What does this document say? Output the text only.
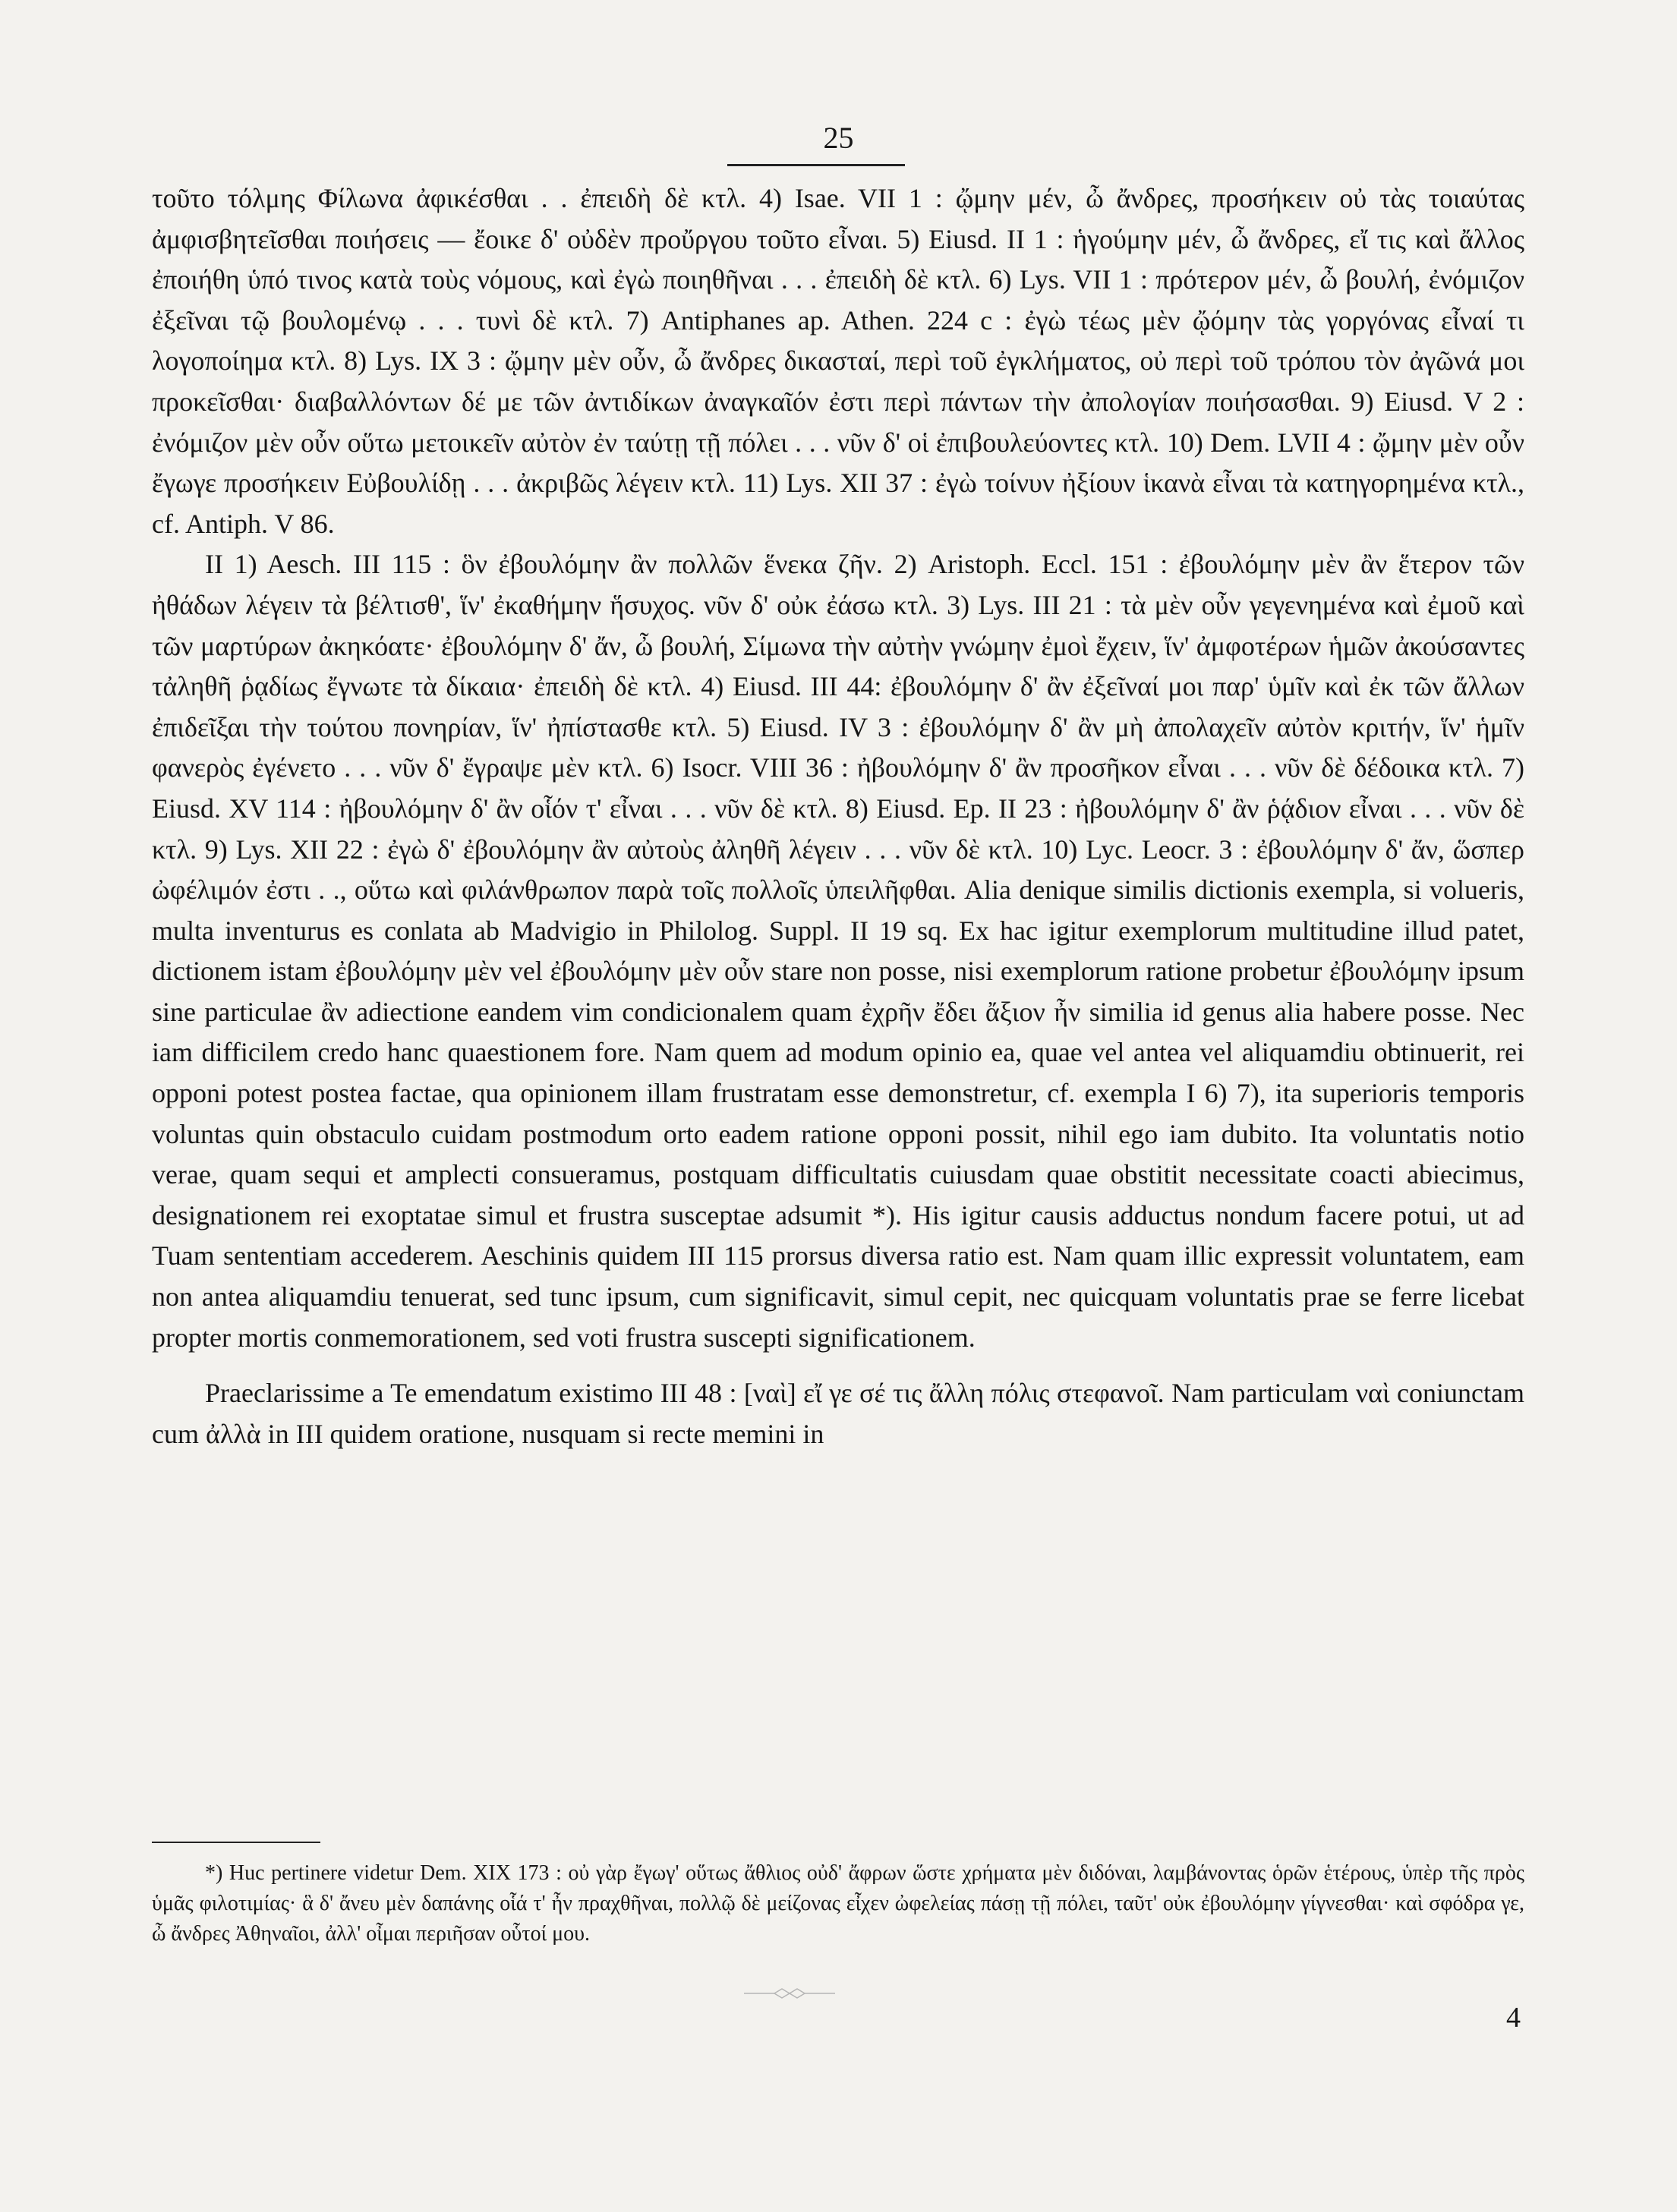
25

τοῦτο τόλμης Φίλωνα ἀφικέσθαι . . ἐπειδὴ δὲ κτλ. 4) Isae. VII 1 : ᾤμην μέν, ὦ ἄνδρες, προσήκειν οὐ τὰς τοιαύτας ἀμφισβητεῖσθαι ποιήσεις — ἔοικε δ' οὐδὲν προὔργου τοῦτο εἶναι. 5) Eiusd. II 1 : ἡγούμην μέν, ὦ ἄνδρες, εἴ τις καὶ ἄλλος ἐποιήθη ὑπό τινος κατὰ τοὺς νόμους, καὶ ἐγὼ ποιηθῆναι . . . ἐπειδὴ δὲ κτλ. 6) Lys. VII 1 : πρότερον μέν, ὦ βουλή, ἐνόμιζον ἐξεῖναι τῷ βουλομένῳ . . . τυνὶ δὲ κτλ. 7) Antiphanes ap. Athen. 224 c : ἐγὼ τέως μὲν ᾤόμην τὰς γοργόνας εἶναί τι λογοποίημα κτλ. 8) Lys. IX 3 : ᾤμην μὲν οὖν, ὦ ἄνδρες δικασταί, περὶ τοῦ ἐγκλήματος, οὐ περὶ τοῦ τρόπου τὸν ἀγῶνά μοι προκεῖσθαι· διαβαλλόντων δέ με τῶν ἀντιδίκων ἀναγκαῖόν ἐστι περὶ πάντων τὴν ἀπολογίαν ποιήσασθαι. 9) Eiusd. V 2 : ἐνόμιζον μὲν οὖν οὕτω μετοικεῖν αὐτὸν ἐν ταύτῃ τῇ πόλει . . . νῦν δ' οἱ ἐπιβουλεύοντες κτλ. 10) Dem. LVII 4 : ᾤμην μὲν οὖν ἔγωγε προσήκειν Εὐβουλίδῃ . . . ἀκριβῶς λέγειν κτλ. 11) Lys. XII 37 : ἐγὼ τοίνυν ἠξίουν ἱκανὰ εἶναι τὰ κατηγορημένα κτλ., cf. Antiph. V 86.

II 1) Aesch. III 115 : ὃν ἐβουλόμην ἂν πολλῶν ἕνεκα ζῆν. 2) Aristoph. Eccl. 151 : ἐβουλόμην μὲν ἂν ἕτερον τῶν ἠθάδων λέγειν τὰ βέλτισθ', ἵν' ἐκαθήμην ἥσυχος. νῦν δ' οὐκ ἐάσω κτλ. 3) Lys. III 21 : τὰ μὲν οὖν γεγενημένα καὶ ἐμοῦ καὶ τῶν μαρτύρων ἀκηκόατε· ἐβουλόμην δ' ἄν, ὦ βουλή, Σίμωνα τὴν αὐτὴν γνώμην ἐμοὶ ἔχειν, ἵν' ἀμφοτέρων ἡμῶν ἀκούσαντες τἀληθῆ ῥᾳδίως ἔγνωτε τὰ δίκαια· ἐπειδὴ δὲ κτλ. 4) Eiusd. III 44: ἐβουλόμην δ' ἂν ἐξεῖναί μοι παρ' ὑμῖν καὶ ἐκ τῶν ἄλλων ἐπιδεῖξαι τὴν τούτου πονηρίαν, ἵν' ἠπίστασθε κτλ. 5) Eiusd. IV 3 : ἐβουλόμην δ' ἂν μὴ ἀπολαχεῖν αὐτὸν κριτήν, ἵν' ἡμῖν φανερὸς ἐγένετο . . . νῦν δ' ἔγραψε μὲν κτλ. 6) Isocr. VIII 36 : ἠβουλόμην δ' ἂν προσῆκον εἶναι . . . νῦν δὲ δέδοικα κτλ. 7) Eiusd. XV 114 : ἠβουλόμην δ' ἂν οἷόν τ' εἶναι . . . νῦν δὲ κτλ. 8) Eiusd. Ep. II 23 : ἠβουλόμην δ' ἂν ῥᾴδιον εἶναι . . . νῦν δὲ κτλ. 9) Lys. XII 22 : ἐγὼ δ' ἐβουλόμην ἂν αὐτοὺς ἀληθῆ λέγειν . . . νῦν δὲ κτλ. 10) Lyc. Leocr. 3 : ἐβουλόμην δ' ἄν, ὥσπερ ὠφέλιμόν ἐστι . ., οὕτω καὶ φιλάνθρωπον παρὰ τοῖς πολλοῖς ὑπειλῆφθαι. Alia denique similis dictionis exempla, si volueris, multa inventurus es conlata ab Madvigio in Philolog. Suppl. II 19 sq. Ex hac igitur exemplorum multitudine illud patet, dictionem istam ἐβουλόμην μὲν vel ἐβουλόμην μὲν οὖν stare non posse, nisi exemplorum ratione probetur ἐβουλόμην ipsum sine particulae ἂν adiectione eandem vim condicionalem quam ἐχρῆν ἔδει ἄξιον ἦν similia id genus alia habere posse. Nec iam difficilem credo hanc quaestionem fore. Nam quem ad modum opinio ea, quae vel antea vel aliquamdiu obtinuerit, rei opponi potest postea factae, qua opinionem illam frustratam esse demonstretur, cf. exempla I 6) 7), ita superioris temporis voluntas quin obstaculo cuidam postmodum orto eadem ratione opponi possit, nihil ego iam dubito. Ita voluntatis notio verae, quam sequi et amplecti consueramus, postquam difficultatis cuiusdam quae obstitit necessitate coacti abiecimus, designationem rei exoptatae simul et frustra susceptae adsumit *). His igitur causis adductus nondum facere potui, ut ad Tuam sententiam accederem. Aeschinis quidem III 115 prorsus diversa ratio est. Nam quam illic expressit voluntatem, eam non antea aliquamdiu tenuerat, sed tunc ipsum, cum significavit, simul cepit, nec quicquam voluntatis prae se ferre licebat propter mortis conmemorationem, sed voti frustra suscepti significationem.

Praeclarissime a Te emendatum existimo III 48 : [ναὶ] εἴ γε σέ τις ἄλλη πόλις στεφανοῖ. Nam particulam ναὶ coniunctam cum ἀλλὰ in III quidem oratione, nusquam si recte memini in

*) Huc pertinere videtur Dem. XIX 173 : οὐ γὰρ ἔγωγ' οὕτως ἄθλιος οὐδ' ἄφρων ὥστε χρήματα μὲν διδόναι, λαμβάνοντας ὁρῶν ἑτέρους, ὑπὲρ τῆς πρὸς ὑμᾶς φιλοτιμίας· ἃ δ' ἄνευ μὲν δαπάνης οἷά τ' ἦν πραχθῆναι, πολλῷ δὲ μείζονας εἶχεν ὠφελείας πάσῃ τῇ πόλει, ταῦτ' οὐκ ἐβουλόμην γίγνεσθαι· καὶ σφόδρα γε, ὦ ἄνδρες Ἀθηναῖοι, ἀλλ' οἶμαι περιῆσαν οὗτοί μου.

4
